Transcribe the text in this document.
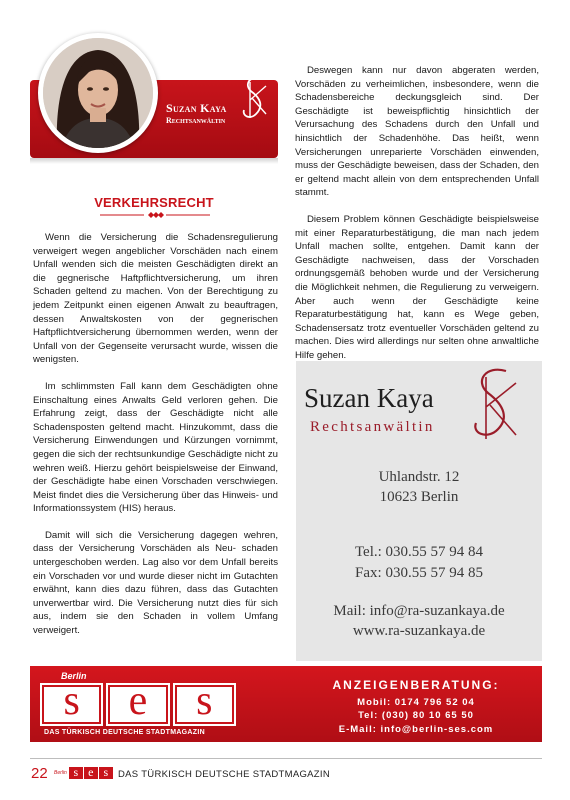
Suzan Kaya
Rechtsanwältin
VERKEHRSRECHT

Wenn die Versicherung die Schadensregulierung verweigert wegen angeblicher Vorschäden nach einem Unfall wenden sich die meisten Geschädigten direkt an die gegnerische Haftpflichtversicherung, um ihren Schaden geltend zu machen. Von der Berechtigung zu jedem Zeitpunkt einen eigenen Anwalt zu beauftragen, dessen Anwaltskosten von der gegnerischen Haftpflichtversicherung übernommen werden, wenn der Unfall von der Gegenseite verursacht wurde, wissen die wenigsten.

Im schlimmsten Fall kann dem Geschädigten ohne Einschaltung eines Anwalts Geld verloren gehen. Die Erfahrung zeigt, dass der Geschädigte nicht alle Schadensposten geltend macht. Hinzukommt, dass die Versicherung Einwendungen und Kürzungen vornimmt, gegen die sich der rechtsunkundige Geschädigte nicht zu wehren weiß. Hierzu gehört beispielsweise der Einwand, der Geschädigte habe einen Vorschaden verschwiegen. Meist findet dies die Versicherung über das Hinweis- und Informationssystem (HIS) heraus.

Damit will sich die Versicherung dagegen wehren, dass der Versicherung Vorschäden als Neu- schaden untergeschoben werden. Lag also vor dem Unfall bereits ein Vorschaden vor und wurde dieser nicht im Gutachten erwähnt, kann dies dazu führen, dass das Gutachten unverwertbar wird. Die Versicherung nutzt dies für sich aus, indem sie den Schaden in vollem Umfang verweigert.

Deswegen kann nur davon abgeraten werden, Vorschäden zu verheimlichen, insbesondere, wenn die Schadensbereiche deckungsgleich sind. Der Geschädigte ist beweispflichtig hinsichtlich der Verursachung des Schadens durch den Unfall und hinsichtlich der Schadenhöhe. Das heißt, wenn Versicherungen unreparierte Vorschäden einwenden, muss der Geschädigte beweisen, dass der Schaden, den er geltend macht allein von dem entsprechenden Unfall stammt.

Diesem Problem können Geschädigte beispielsweise mit einer Reparaturbestätigung, die man nach jedem Unfall machen sollte, entgehen. Damit kann der Geschädigte nachweisen, dass der Vorschaden ordnungsgemäß behoben wurde und der Versicherung die Möglichkeit nehmen, die Regulierung zu verweigern. Aber auch wenn der Geschädigte keine Reparaturbestätigung hat, kann es Wege geben, Schadensersatz trotz eventueller Vorschäden geltend zu machen. Dies wird allerdings nur selten ohne anwaltliche Hilfe gehen.

Suzan Kaya
Rechtsanwältin
Uhlandstr. 12
10623 Berlin
Tel.: 030.55 57 94 84
Fax: 030.55 57 94 85
Mail: info@ra-suzankaya.de
www.ra-suzankaya.de
Berlin
s	e	s
DAS TÜRKISCH DEUTSCHE STADTMAGAZIN
ANZEIGENBERATUNG:
Mobil: 0174 796 52 04
Tel: (030) 80 10 65 50
E-Mail: info@berlin-ses.com
22 Berlin s e s	DAS TÜRKISCH DEUTSCHE STADTMAGAZIN
